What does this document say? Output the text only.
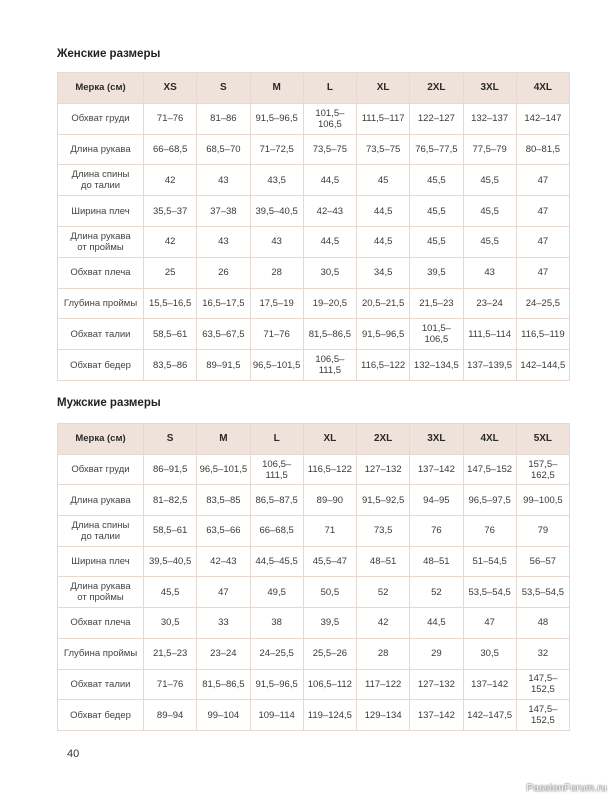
Женские размеры
Мерка (см)	XS	S	M	L	XL	2XL	3XL	4XL
Обхват груди	71–76	81–86	91,5–96,5	101,5–
106,5	111,5–117	122–127	132–137	142–147
Длина рукава	66–68,5	68,5–70	71–72,5	73,5–75	73,5–75	76,5–77,5	77,5–79	80–81,5
Длина спины
до талии	42	43	43,5	44,5	45	45,5	45,5	47
Ширина плеч	35,5–37	37–38	39,5–40,5	42–43	44,5	45,5	45,5	47
Длина рукава
от проймы	42	43	43	44,5	44,5	45,5	45,5	47
Обхват плеча	25	26	28	30,5	34,5	39,5	43	47
Глубина проймы	15,5–16,5	16,5–17,5	17,5–19	19–20,5	20,5–21,5	21,5–23	23–24	24–25,5
Обхват талии	58,5–61	63,5–67,5	71–76	81,5–86,5	91,5–96,5	101,5–
106,5	111,5–114	116,5–119
Обхват бедер	83,5–86	89–91,5	96,5–101,5	106,5–
111,5	116,5–122	132–134,5	137–139,5	142–144,5
Мужские размеры
Мерка (см)	S	M	L	XL	2XL	3XL	4XL	5XL
Обхват груди	86–91,5	96,5–101,5	106,5–
111,5	116,5–122	127–132	137–142	147,5–152	157,5–
162,5
Длина рукава	81–82,5	83,5–85	86,5–87,5	89–90	91,5–92,5	94–95	96,5–97,5	99–100,5
Длина спины
до талии	58,5–61	63,5–66	66–68,5	71	73,5	76	76	79
Ширина плеч	39,5–40,5	42–43	44,5–45,5	45,5–47	48–51	48–51	51–54,5	56–57
Длина рукава
от проймы	45,5	47	49,5	50,5	52	52	53,5–54,5	53,5–54,5
Обхват плеча	30,5	33	38	39,5	42	44,5	47	48
Глубина проймы	21,5–23	23–24	24–25,5	25,5–26	28	29	30,5	32
Обхват талии	71–76	81,5–86,5	91,5–96,5	106,5–112	117–122	127–132	137–142	147,5–152,5
Обхват бедер	89–94	99–104	109–114	119–124,5	129–134	137–142	142–147,5	147,5–152,5
40
PassionForum.ru
